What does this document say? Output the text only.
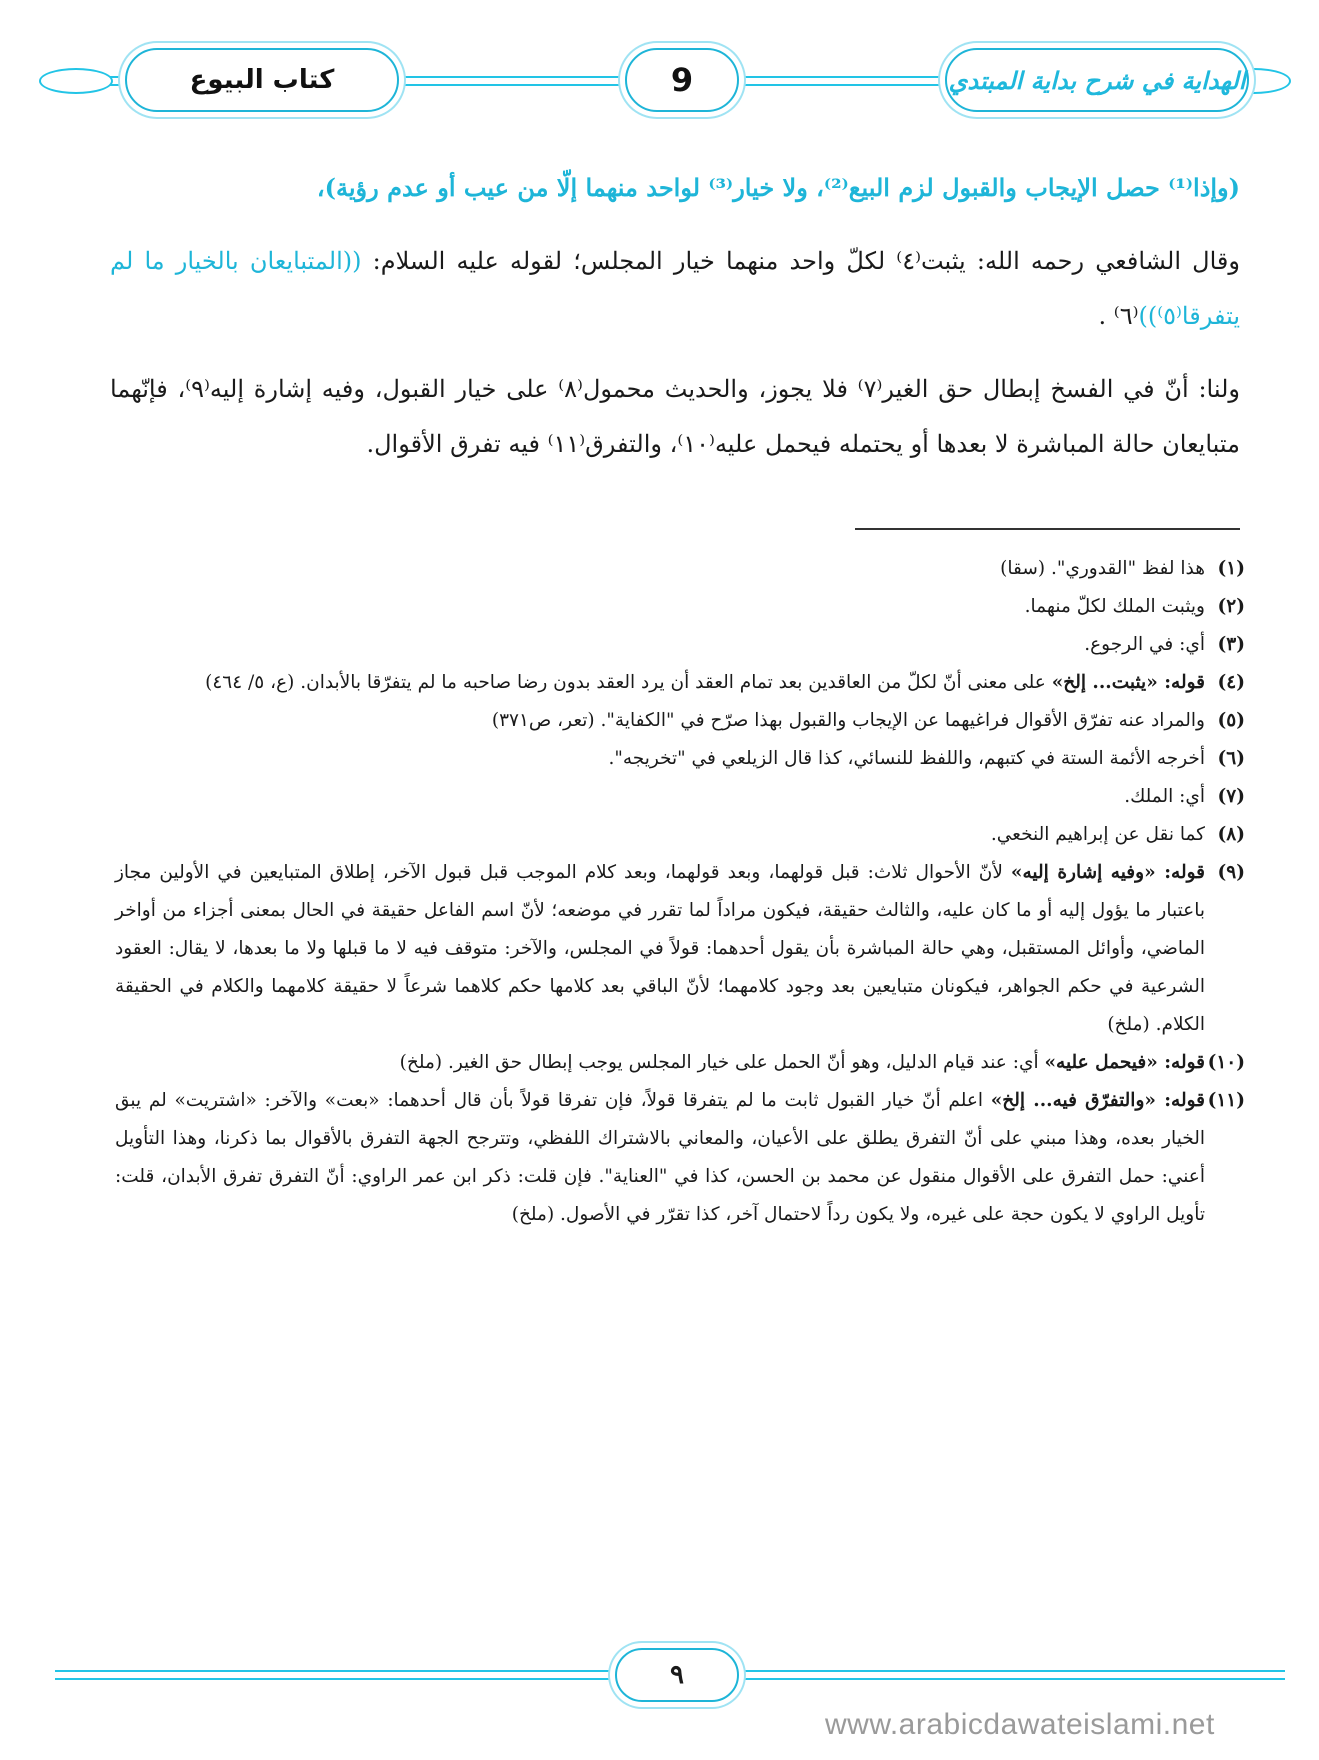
كتاب البيوع	9	الهداية في شرح بداية المبتدي

(وإذا⁽¹⁾ حصل الإيجاب والقبول لزم البيع⁽²⁾، ولا خيار⁽³⁾ لواحد منهما إلّا من عيب أو عدم رؤية)،

وقال الشافعي رحمه الله: يثبت⁽٤⁾ لكلّ واحد منهما خيار المجلس؛ لقوله عليه السلام: ((المتبايعان بالخيار ما لم يتفرقا⁽٥⁾))⁽٦⁾ .

ولنا: أنّ في الفسخ إبطال حق الغير⁽٧⁾ فلا يجوز، والحديث محمول⁽٨⁾ على خيار القبول، وفيه إشارة إليه⁽٩⁾، فإنّهما متبايعان حالة المباشرة لا بعدها أو يحتمله فيحمل عليه⁽١٠⁾، والتفرق⁽١١⁾ فيه تفرق الأقوال.

(١)
هذا لفظ "القدوري". (سقا)
(٢)
ويثبت الملك لكلّ منهما.
(٣)
أي: في الرجوع.
(٤)
قوله: «يثبت... إلخ» على معنى أنّ لكلّ من العاقدين بعد تمام العقد أن يرد العقد بدون رضا صاحبه ما لم يتفرّقا بالأبدان. (ع، ٥/ ٤٦٤)
(٥)
والمراد عنه تفرّق الأقوال فراغيهما عن الإيجاب والقبول بهذا صرّح في "الكفاية". (تعر، ص٣٧١)
(٦)
أخرجه الأئمة الستة في كتبهم، واللفظ للنسائي، كذا قال الزيلعي في "تخريجه".
(٧)
أي: الملك.
(٨)
كما نقل عن إبراهيم النخعي.
(٩)
قوله: «وفيه إشارة إليه» لأنّ الأحوال ثلاث: قبل قولهما، وبعد قولهما، وبعد كلام الموجب قبل قبول الآخر، إطلاق المتبايعين في الأولين مجاز باعتبار ما يؤول إليه أو ما كان عليه، والثالث حقيقة، فيكون مراداً لما تقرر في موضعه؛ لأنّ اسم الفاعل حقيقة في الحال بمعنى أجزاء من أواخر الماضي، وأوائل المستقبل، وهي حالة المباشرة بأن يقول أحدهما: قولاً في المجلس، والآخر: متوقف فيه لا ما قبلها ولا ما بعدها، لا يقال: العقود الشرعية في حكم الجواهر، فيكونان متبايعين بعد وجود كلامهما؛ لأنّ الباقي بعد كلامها حكم كلاهما شرعاً لا حقيقة كلامهما والكلام في الحقيقة الكلام. (ملخ)
(١٠)
قوله: «فيحمل عليه» أي: عند قيام الدليل، وهو أنّ الحمل على خيار المجلس يوجب إبطال حق الغير. (ملخ)
(١١)
قوله: «والتفرّق فيه... إلخ» اعلم أنّ خيار القبول ثابت ما لم يتفرقا قولاً، فإن تفرقا قولاً بأن قال أحدهما: «بعت» والآخر: «اشتريت» لم يبق الخيار بعده، وهذا مبني على أنّ التفرق يطلق على الأعيان، والمعاني بالاشتراك اللفظي، وتترجح الجهة التفرق بالأقوال بما ذكرنا، وهذا التأويل أعني: حمل التفرق على الأقوال منقول عن محمد بن الحسن، كذا في "العناية". فإن قلت: ذكر ابن عمر الراوي: أنّ التفرق تفرق الأبدان، قلت: تأويل الراوي لا يكون حجة على غيره، ولا يكون رداً لاحتمال آخر، كذا تقرّر في الأصول. (ملخ)
٩
www.arabicdawateislami.net
